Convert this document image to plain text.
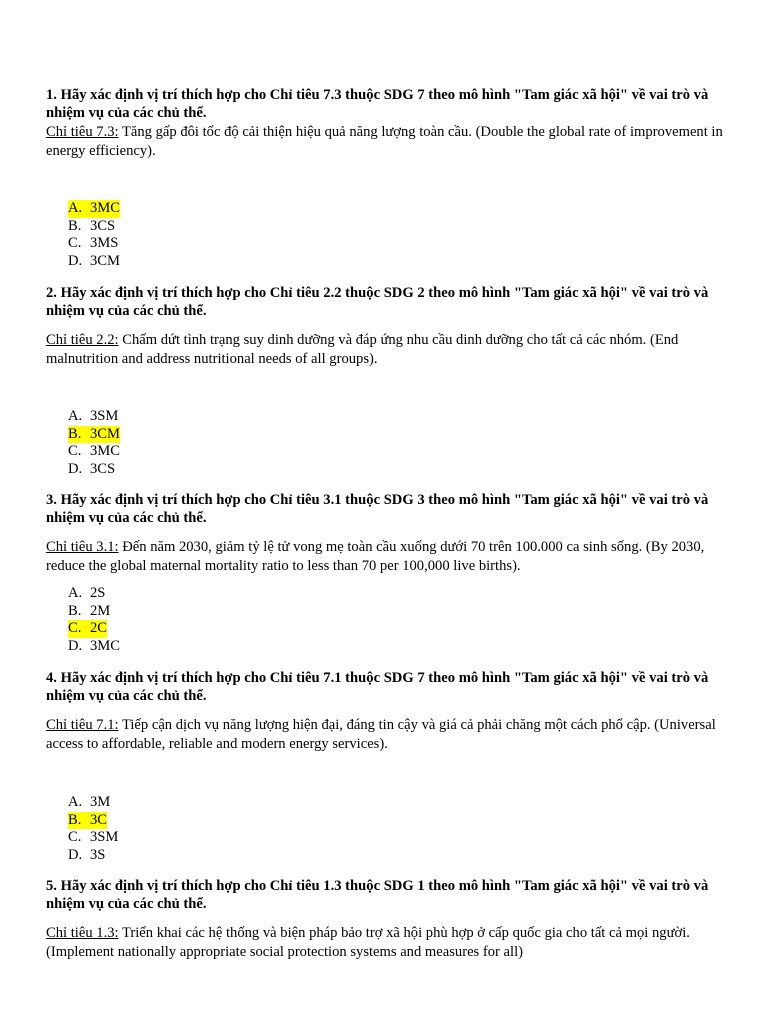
1. Hãy xác định vị trí thích hợp cho Chỉ tiêu 7.3 thuộc SDG 7 theo mô hình "Tam giác xã hội" về vai trò và nhiệm vụ của các chủ thể.

Chỉ tiêu 7.3: Tăng gấp đôi tốc độ cải thiện hiệu quả năng lượng toàn cầu. (Double the global rate of improvement in energy efficiency).

A. 3MC
B. 3CS
C. 3MS
D. 3CM

2. Hãy xác định vị trí thích hợp cho Chỉ tiêu 2.2 thuộc SDG 2 theo mô hình "Tam giác xã hội" về vai trò và nhiệm vụ của các chủ thể.

Chỉ tiêu 2.2: Chấm dứt tình trạng suy dinh dưỡng và đáp ứng nhu cầu dinh dưỡng cho tất cả các nhóm. (End malnutrition and address nutritional needs of all groups).

A. 3SM
B. 3CM
C. 3MC
D. 3CS

3. Hãy xác định vị trí thích hợp cho Chỉ tiêu 3.1 thuộc SDG 3 theo mô hình "Tam giác xã hội" về vai trò và nhiệm vụ của các chủ thể.

Chỉ tiêu 3.1: Đến năm 2030, giảm tỷ lệ tử vong mẹ toàn cầu xuống dưới 70 trên 100.000 ca sinh sống. (By 2030, reduce the global maternal mortality ratio to less than 70 per 100,000 live births).

A. 2S
B. 2M
C. 2C
D. 3MC

4. Hãy xác định vị trí thích hợp cho Chỉ tiêu 7.1 thuộc SDG 7 theo mô hình "Tam giác xã hội" về vai trò và nhiệm vụ của các chủ thể.

Chỉ tiêu 7.1: Tiếp cận dịch vụ năng lượng hiện đại, đáng tin cậy và giá cả phải chăng một cách phổ cập. (Universal access to affordable, reliable and modern energy services).

A. 3M
B. 3C
C. 3SM
D. 3S

5. Hãy xác định vị trí thích hợp cho Chỉ tiêu 1.3 thuộc SDG 1 theo mô hình "Tam giác xã hội" về vai trò và nhiệm vụ của các chủ thể.

Chỉ tiêu 1.3: Triển khai các hệ thống và biện pháp bảo trợ xã hội phù hợp ở cấp quốc gia cho tất cả mọi người. (Implement nationally appropriate social protection systems and measures for all)
